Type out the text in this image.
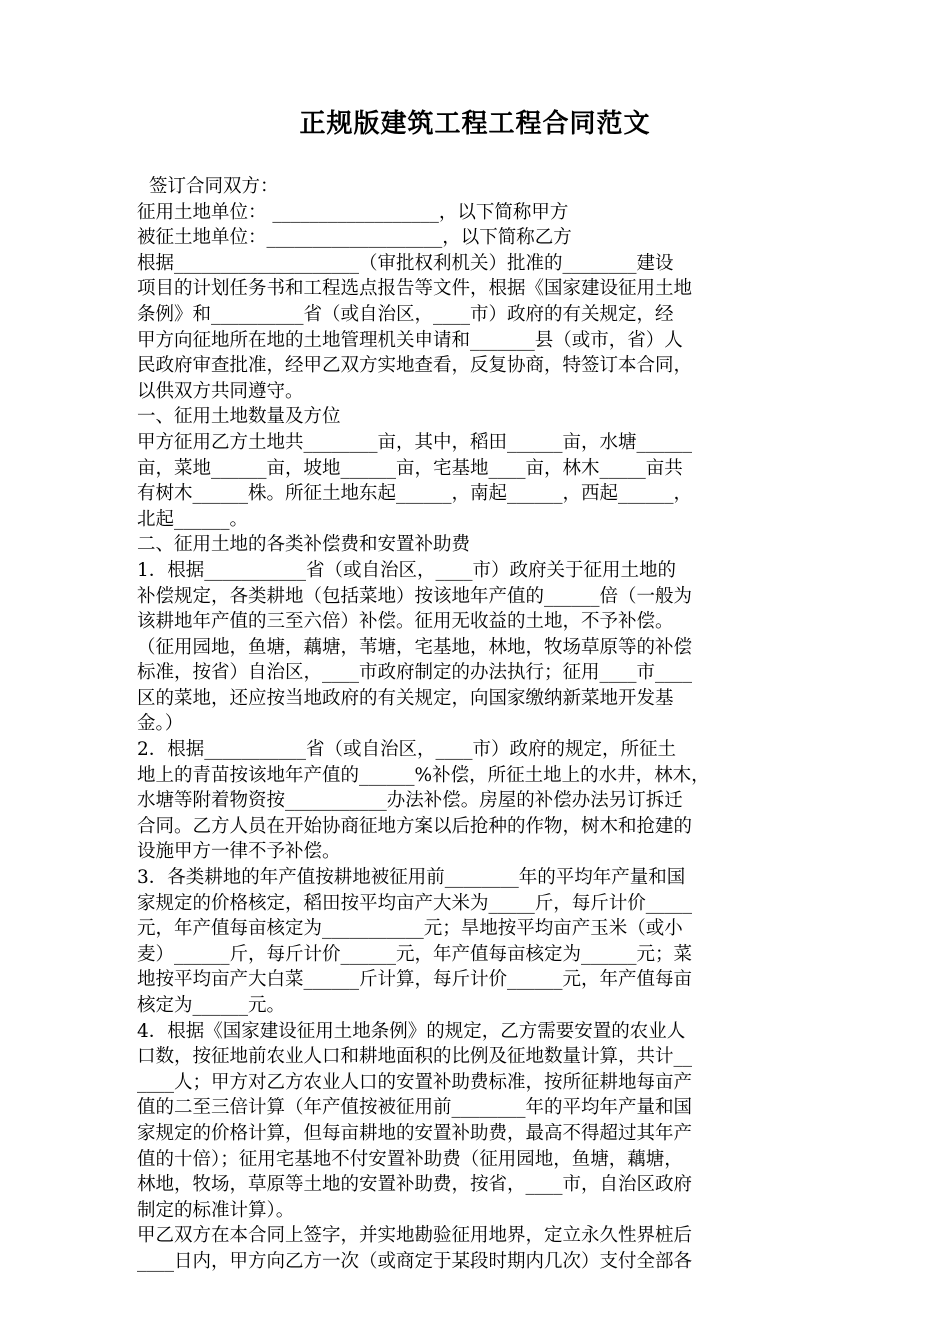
正规版建筑工程工程合同范文
签订合同双方：
征用土地单位： __________________，以下简称甲方
被征土地单位：___________________，以下简称乙方
根据____________________（审批权利机关）批准的________建设
项目的计划任务书和工程选点报告等文件，根据《国家建设征用土地
条例》和__________省（或自治区，____市）政府的有关规定，经
甲方向征地所在地的土地管理机关申请和_______县（或市，省）人
民政府审查批准，经甲乙双方实地查看，反复协商，特签订本合同，
以供双方共同遵守。
一、征用土地数量及方位
甲方征用乙方土地共________亩，其中，稻田______亩，水塘______
亩，菜地______亩，坡地______亩，宅基地____亩，林木_____亩共
有树木______株。所征土地东起______，南起______，西起______，
北起______。
二、征用土地的各类补偿费和安置补助费
1．根据___________省（或自治区，____市）政府关于征用土地的
补偿规定，各类耕地（包括菜地）按该地年产值的______倍（一般为
该耕地年产值的三至六倍）补偿。征用无收益的土地，不予补偿。
（征用园地，鱼塘，藕塘，苇塘，宅基地，林地，牧场草原等的补偿
标准，按省）自治区，____市政府制定的办法执行；征用____市____
区的菜地，还应按当地政府的有关规定，向国家缴纳新菜地开发基
金。）
2．根据___________省（或自治区，____市）政府的规定，所征土
地上的青苗按该地年产值的______%补偿，所征土地上的水井，林木，
水塘等附着物资按___________办法补偿。房屋的补偿办法另订拆迁
合同。乙方人员在开始协商征地方案以后抢种的作物，树木和抢建的
设施甲方一律不予补偿。
3．各类耕地的年产值按耕地被征用前________年的平均年产量和国
家规定的价格核定，稻田按平均亩产大米为_____斤，每斤计价_____
元，年产值每亩核定为___________元；旱地按平均亩产玉米（或小
麦）______斤，每斤计价______元，年产值每亩核定为______元；菜
地按平均亩产大白菜______斤计算，每斤计价______元，年产值每亩
核定为______元。
4．根据《国家建设征用土地条例》的规定，乙方需要安置的农业人
口数，按征地前农业人口和耕地面积的比例及征地数量计算，共计__
____人；甲方对乙方农业人口的安置补助费标准，按所征耕地每亩产
值的二至三倍计算（年产值按被征用前________年的平均年产量和国
家规定的价格计算，但每亩耕地的安置补助费，最高不得超过其年产
值的十倍）；征用宅基地不付安置补助费（征用园地，鱼塘，藕塘，
林地，牧场，草原等土地的安置补助费，按省，____市，自治区政府
制定的标准计算）。
甲乙双方在本合同上签字，并实地勘验征用地界，定立永久性界桩后
____日内，甲方向乙方一次（或商定于某段时期内几次）支付全部各
